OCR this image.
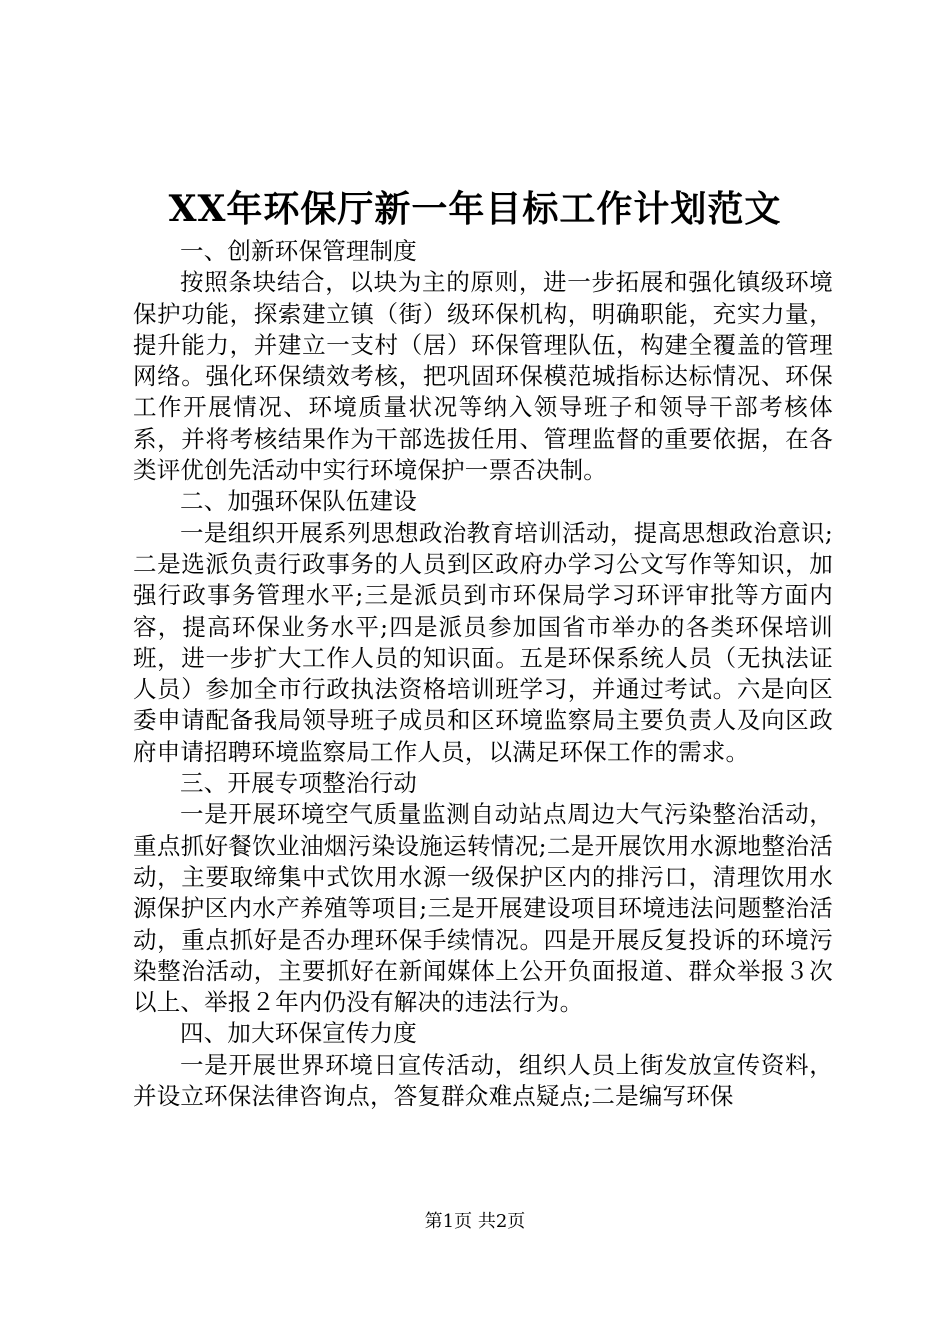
XX年环保厅新一年目标工作计划范文

一、创新环保管理制度

按照条块结合，以块为主的原则，进一步拓展和强化镇级环境保护功能，探索建立镇（街）级环保机构，明确职能，充实力量，提升能力，并建立一支村（居）环保管理队伍，构建全覆盖的管理网络。强化环保绩效考核，把巩固环保模范城指标达标情况、环保工作开展情况、环境质量状况等纳入领导班子和领导干部考核体系，并将考核结果作为干部选拔任用、管理监督的重要依据，在各类评优创先活动中实行环境保护一票否决制。

二、加强环保队伍建设

一是组织开展系列思想政治教育培训活动，提高思想政治意识;二是选派负责行政事务的人员到区政府办学习公文写作等知识，加强行政事务管理水平;三是派员到市环保局学习环评审批等方面内容，提高环保业务水平;四是派员参加国省市举办的各类环保培训班，进一步扩大工作人员的知识面。五是环保系统人员（无执法证人员）参加全市行政执法资格培训班学习，并通过考试。六是向区委申请配备我局领导班子成员和区环境监察局主要负责人及向区政府申请招聘环境监察局工作人员，以满足环保工作的需求。

三、开展专项整治行动

一是开展环境空气质量监测自动站点周边大气污染整治活动，重点抓好餐饮业油烟污染设施运转情况;二是开展饮用水源地整治活动，主要取缔集中式饮用水源一级保护区内的排污口，清理饮用水源保护区内水产养殖等项目;三是开展建设项目环境违法问题整治活动，重点抓好是否办理环保手续情况。四是开展反复投诉的环境污染整治活动，主要抓好在新闻媒体上公开负面报道、群众举报３次以上、举报２年内仍没有解决的违法行为。

四、加大环保宣传力度

一是开展世界环境日宣传活动，组织人员上街发放宣传资料，并设立环保法律咨询点，答复群众难点疑点;二是编写环保

第1页 共2页
